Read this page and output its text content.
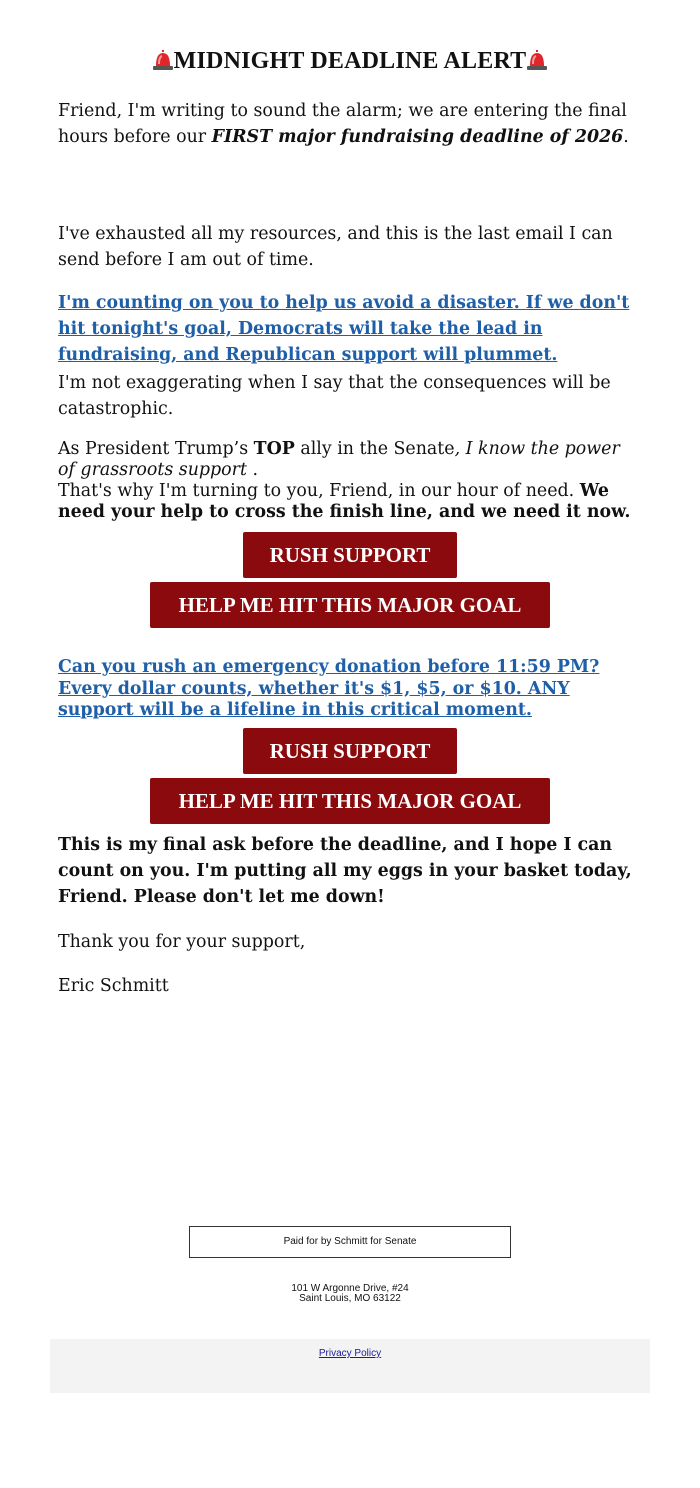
MIDNIGHT DEADLINE ALERT

Friend, I'm writing to sound the alarm; we are entering the final hours before our FIRST major fundraising deadline of 2026.

I've exhausted all my resources, and this is the last email I can send before I am out of time.

I'm counting on you to help us avoid a disaster. If we don't hit tonight's goal, Democrats will take the lead in fundraising, and Republican support will plummet.

I'm not exaggerating when I say that the consequences will be catastrophic.

As President Trump’s TOP ally in the Senate, I know the power of grassroots support .

That's why I'm turning to you, Friend, in our hour of need. We need your help to cross the finish line, and we need it now.

RUSH SUPPORT
HELP ME HIT THIS MAJOR GOAL
Can you rush an emergency donation before 11:59 PM? Every dollar counts, whether it's $1, $5, or $10. ANY support will be a lifeline in this critical moment.
RUSH SUPPORT
HELP ME HIT THIS MAJOR GOAL

This is my final ask before the deadline, and I hope I can count on you. I'm putting all my eggs in your basket today, Friend. Please don't let me down!

Thank you for your support,

Eric Schmitt

Paid for by Schmitt for Senate
101 W Argonne Drive, #24
Saint Louis, MO 63122
Privacy Policy
